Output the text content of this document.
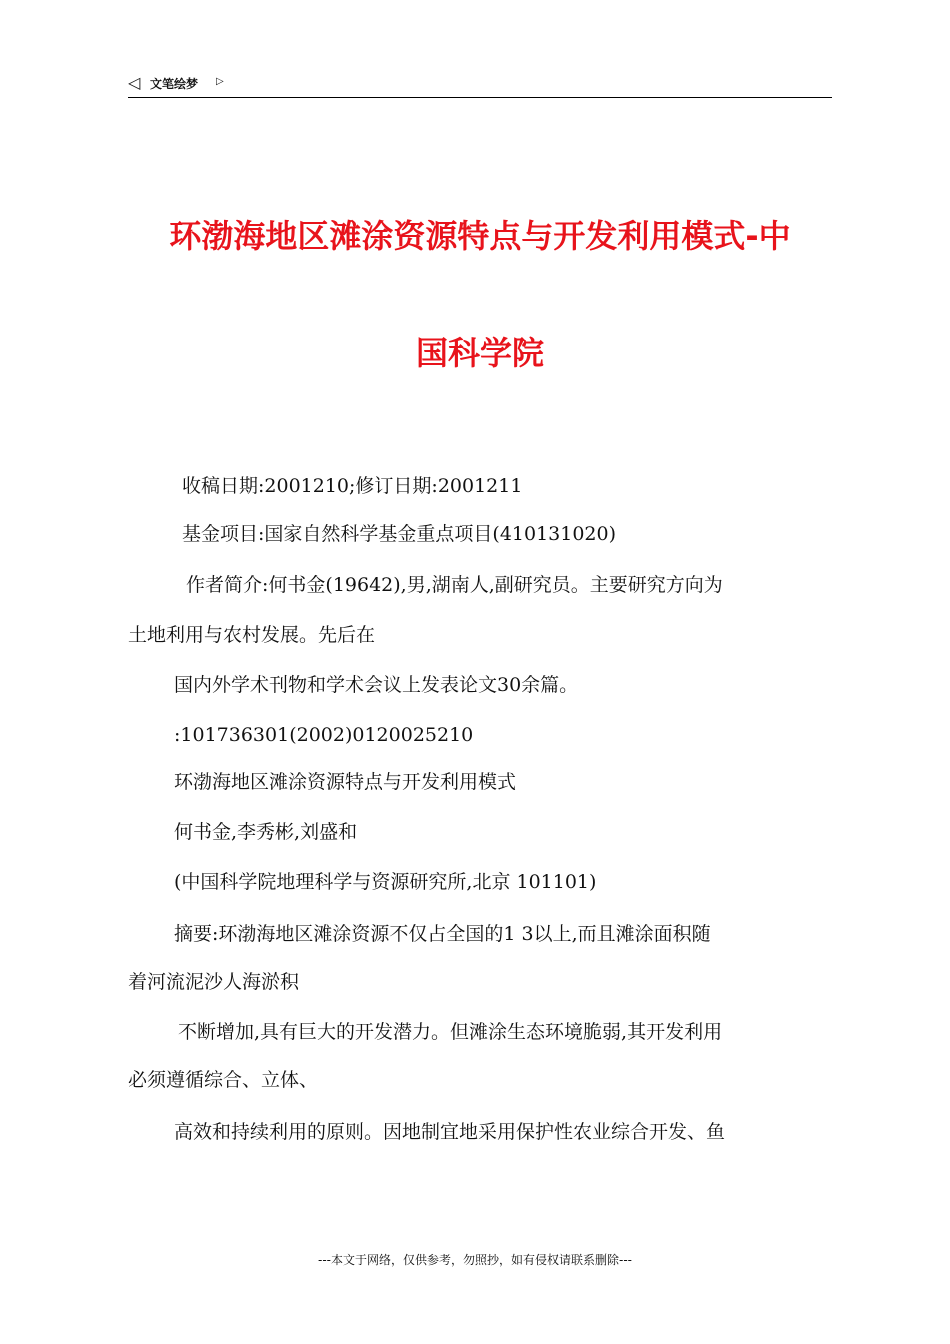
◁ 文笔绘梦 ▷
环渤海地区滩涂资源特点与开发利用模式-中
国科学院
收稿日期:2001210;修订日期:2001211
基金项目:国家自然科学基金重点项目(410131020)
作者简介:何书金(19642),男,湖南人,副研究员。主要研究方向为
土地利用与农村发展。先后在
国内外学术刊物和学术会议上发表论文30余篇。
:101736301(2002)0120025210
环渤海地区滩涂资源特点与开发利用模式
何书金,李秀彬,刘盛和
(中国科学院地理科学与资源研究所,北京 101101)
摘要:环渤海地区滩涂资源不仅占全国的1 3以上,而且滩涂面积随
着河流泥沙人海淤积
不断增加,具有巨大的开发潜力。但滩涂生态环境脆弱,其开发利用
必须遵循综合、立体、
高效和持续利用的原则。因地制宜地采用保护性农业综合开发、鱼
---本文于网络，仅供参考，勿照抄，如有侵权请联系删除---
